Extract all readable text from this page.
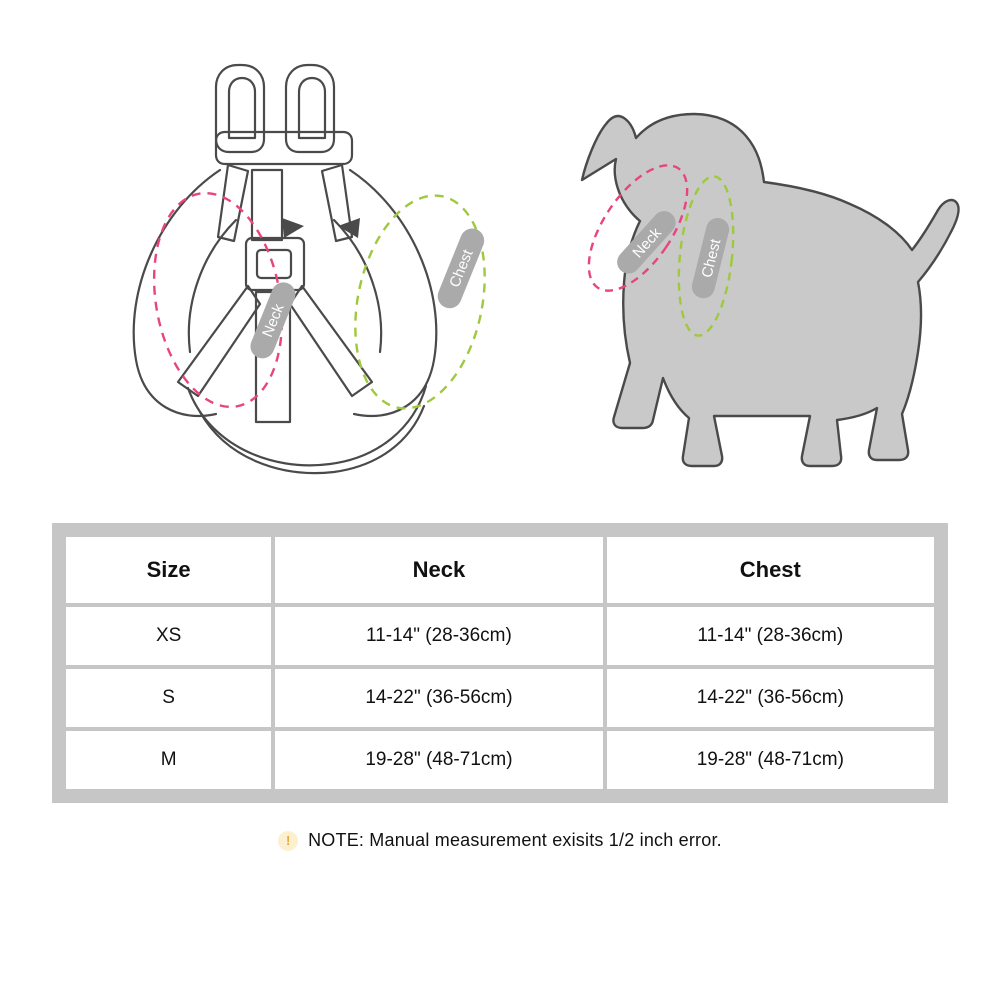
Neck
Chest
Neck Chest
Size	Neck	Chest
XS	11-14" (28-36cm)	11-14" (28-36cm)
S	14-22" (36-56cm)	14-22" (36-56cm)
M	19-28" (48-71cm)	19-28" (48-71cm)
! NOTE: Manual measurement exisits 1/2 inch error.
